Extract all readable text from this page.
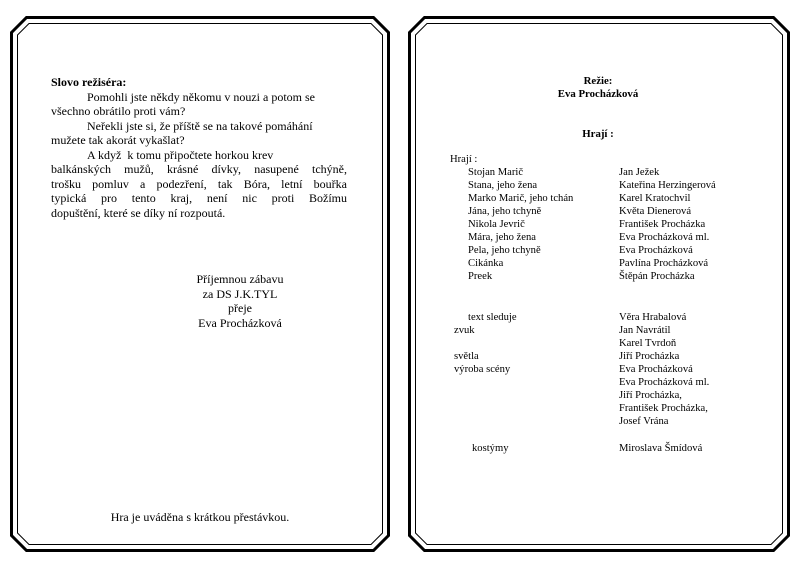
Slovo režiséra:
Pomohli jste někdy někomu v nouzi a potom se
všechno obrátilo proti vám?
Neřekli jste si, že příště se na takové pomáhání
mužete tak akorát vykašlat?
A když  k tomu připočtete horkou krev
balkánských mužů, krásné dívky, nasupené tchýně,
trošku pomluv a podezření, tak Bóra, letní bouřka
typická pro tento kraj, není nic proti Božímu
dopuštění, které se díky ní rozpoutá.
Příjemnou zábavu
za DS J.K.TYL
přeje
Eva Procházková
Hra je uváděna s krátkou přestávkou.
Režie:
Eva Procházková
Hrají :
Hrají :
Stojan Marič	Jan Ježek
Stana, jeho žena	Kateřina Herzingerová
Marko Marič, jeho tchán	Karel Kratochvil
Jána, jeho tchyně	Květa Dienerová
Nikola Jevrič	František Procházka
Mára, jeho žena	Eva Procházková ml.
Pela, jeho tchyně	Eva Procházková
Cikánka	Pavlína Procházková
Preek	Štěpán Procházka
text sleduje	Věra Hrabalová
zvuk	Jan Navrátil
Karel Tvrdoň
světla	Jiří Procházka
výroba scény	Eva Procházková
Eva Procházková ml.
Jiří Procházka,
František Procházka,
Josef Vrána
kostýmy	Miroslava Šmídová
